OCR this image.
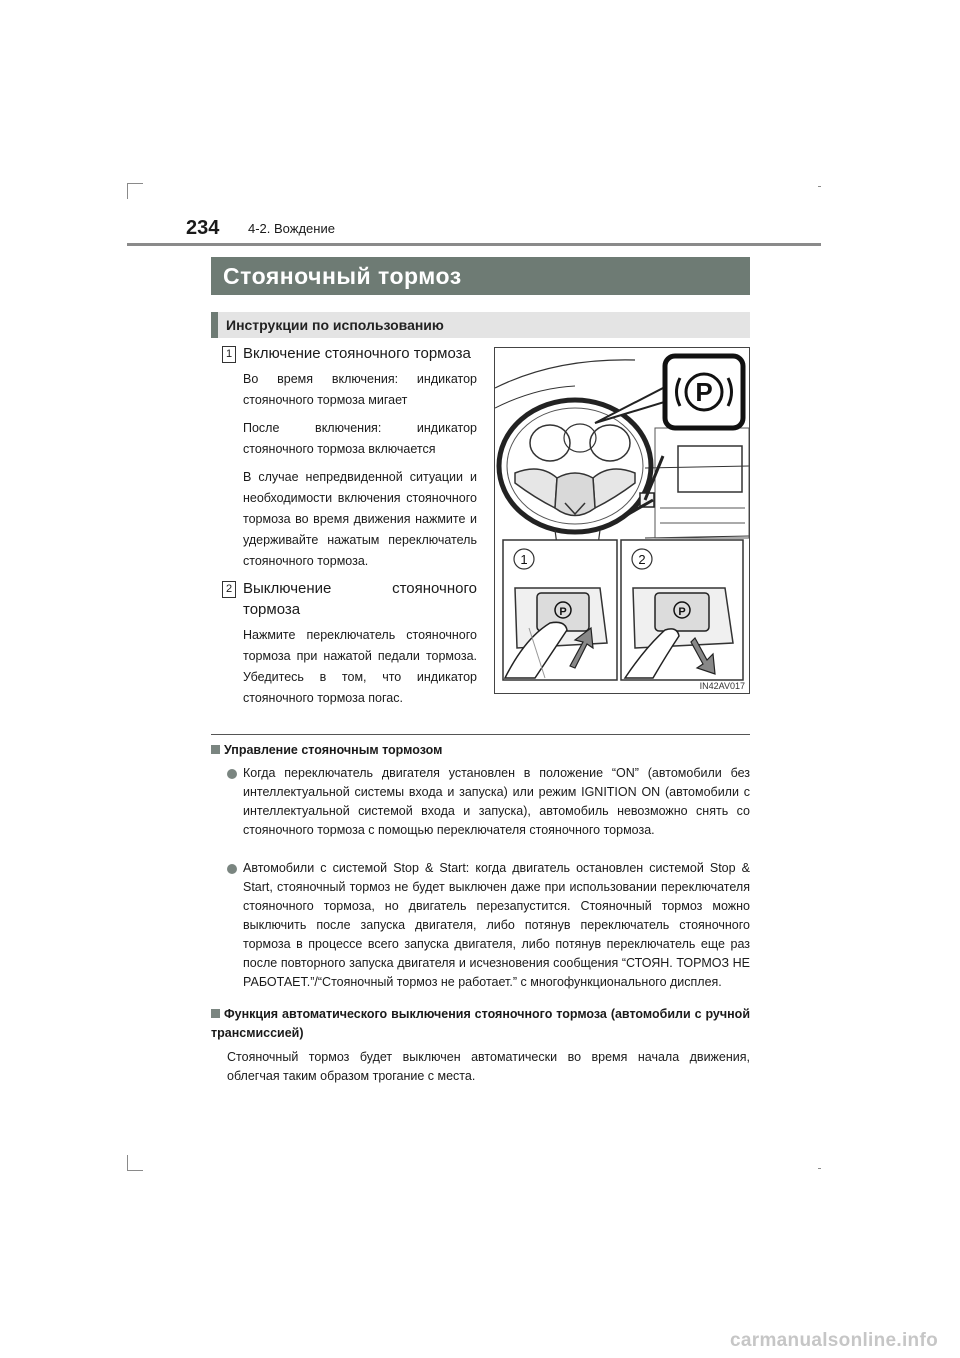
234 4-2. Вождение
Стояночный тормоз
Инструкции по использованию
1 Включение стояночного тормоза

Во время включения: индикатор стояночного тормоза мигает

После включения: индикатор стояночного тормоза включается

В случае непредвиденной ситуации и необходимости включения стояночного тормоза во время движения нажмите и удерживайте нажатым переключатель стояночного тормоза.

2 Выключение стояночного
тормоза

Нажмите переключатель стояночного тормоза при нажатой педали тормоза. Убедитесь в том, что индикатор стояночного тормоза погас.

P
1	2
P	P
IN42AV017
Управление стояночным тормозом
Когда переключатель двигателя установлен в положение “ON” (автомобили без интеллектуальной системы входа и запуска) или режим IGNITION ON (автомобили с интеллектуальной системой входа и запуска), автомобиль невозможно снять со стояночного тормоза с помощью переключателя стояночного тормоза.
Автомобили с системой Stop & Start: когда двигатель остановлен системой Stop & Start, стояночный тормоз не будет выключен даже при использовании переключателя стояночного тормоза, но двигатель перезапустится. Стояночный тормоз можно выключить после запуска двигателя, либо потянув переключатель стояночного тормоза в процессе всего запуска двигателя, либо потянув переключатель еще раз после повторного запуска двигателя и исчезновения сообщения “СТОЯН. ТОРМОЗ НЕ РАБОТАЕТ.”/“Стояночный тормоз не работает.” с многофункционального дисплея.
Функция автоматического выключения стояночного тормоза (автомобили с ручной трансмиссией)
Стояночный тормоз будет выключен автоматически во время начала движения, облегчая таким образом трогание с места.
carmanualsonline.info
